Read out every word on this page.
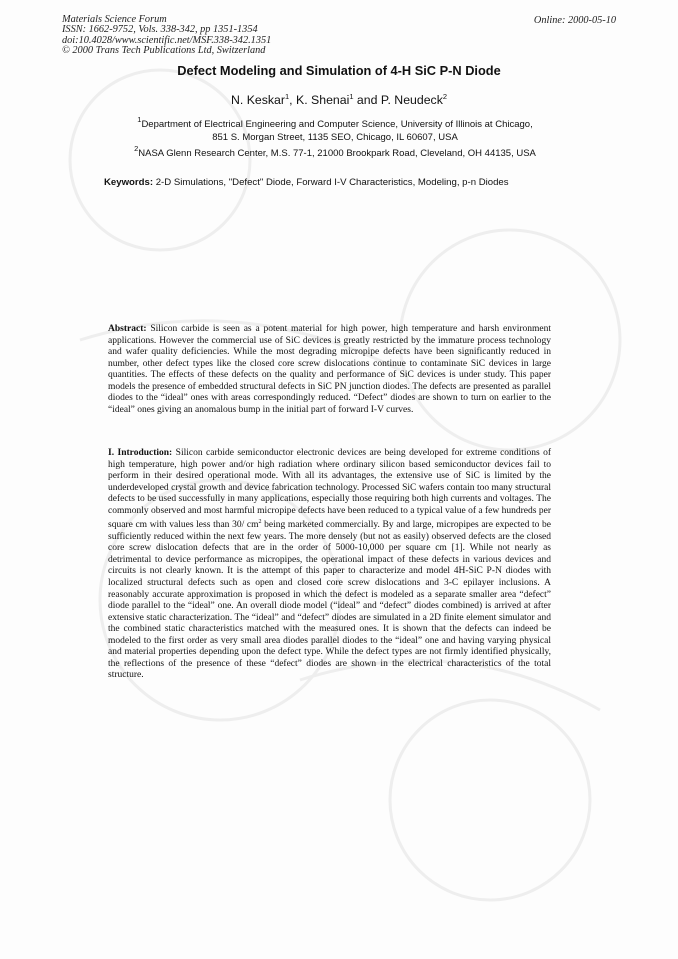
Materials Science Forum
ISSN: 1662-9752, Vols. 338-342, pp 1351-1354
doi:10.4028/www.scientific.net/MSF.338-342.1351
© 2000 Trans Tech Publications Ltd, Switzerland
Online: 2000-05-10
Defect Modeling and Simulation of 4-H SiC P-N Diode
N. Keskar$^1$, K. Shenai$^1$ and P. Neudeck$^2$
$^1$Department of Electrical Engineering and Computer Science, University of Illinois at Chicago,
851 S. Morgan Street, 1135 SEO, Chicago, IL 60607, USA
$^2$NASA Glenn Research Center, M.S. 77-1, 21000 Brookpark Road, Cleveland, OH 44135, USA
Keywords: 2-D Simulations, "Defect" Diode, Forward I-V Characteristics, Modeling, p-n Diodes
Abstract: Silicon carbide is seen as a potent material for high power, high temperature and harsh environment applications. However the commercial use of SiC devices is greatly restricted by the immature process technology and wafer quality deficiencies. While the most degrading micropipe defects have been significantly reduced in number, other defect types like the closed core screw dislocations continue to contaminate SiC devices in large quantities. The effects of these defects on the quality and performance of SiC devices is under study. This paper models the presence of embedded structural defects in SiC PN junction diodes. The defects are presented as parallel diodes to the “ideal” ones with areas correspondingly reduced. “Defect” diodes are shown to turn on earlier to the “ideal” ones giving an anomalous bump in the initial part of forward I-V curves.
I. Introduction: Silicon carbide semiconductor electronic devices are being developed for extreme conditions of high temperature, high power and/or high radiation where ordinary silicon based semiconductor devices fail to perform in their desired operational mode. With all its advantages, the extensive use of SiC is limited by the underdeveloped crystal growth and device fabrication technology. Processed SiC wafers contain too many structural defects to be used successfully in many applications, especially those requiring both high currents and voltages. The commonly observed and most harmful micropipe defects have been reduced to a typical value of a few hundreds per square cm with values less than 30/ $cm^2$ being marketed commercially. By and large, micropipes are expected to be sufficiently reduced within the next few years. The more densely (but not as easily) observed defects are the closed core screw dislocation defects that are in the order of 5000-10,000 per square cm [1]. While not nearly as detrimental to device performance as micropipes, the operational impact of these defects in various devices and circuits is not clearly known. It is the attempt of this paper to characterize and model 4H-SiC P-N diodes with localized structural defects such as open and closed core screw dislocations and 3-C epilayer inclusions. A reasonably accurate approximation is proposed in which the defect is modeled as a separate smaller area “defect” diode parallel to the “ideal” one. An overall diode model (“ideal” and “defect” diodes combined) is arrived at after extensive static characterization. The “ideal” and “defect” diodes are simulated in a 2D finite element simulator and the combined static characteristics matched with the measured ones. It is shown that the defects can indeed be modeled to the first order as very small area diodes parallel diodes to the “ideal” one and having varying physical and material properties depending upon the defect type. While the defect types are not firmly identified physically, the reflections of the presence of these “defect” diodes are shown in the electrical characteristics of the total structure.
